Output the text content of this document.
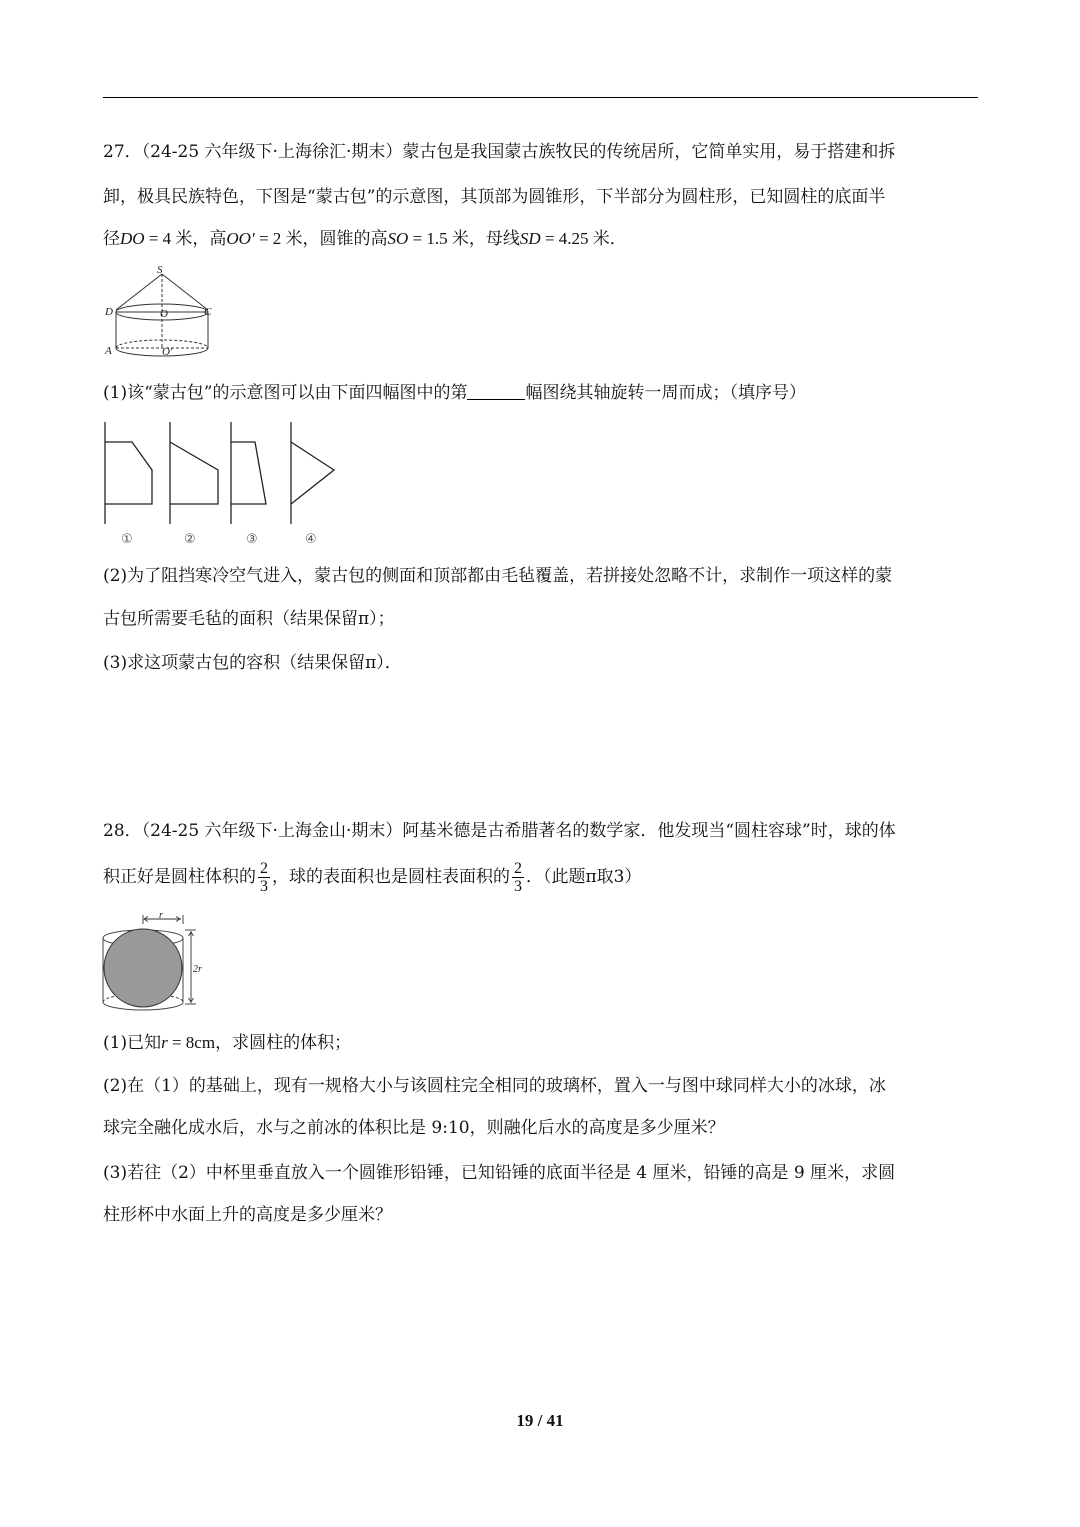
27．（24-25 六年级下·上海徐汇·期末）蒙古包是我国蒙古族牧民的传统居所，它简单实用，易于搭建和拆
卸，极具民族特色，下图是“蒙古包”的示意图，其顶部为圆锥形，下半部分为圆柱形，已知圆柱的底面半
径DO = 4 米，高OO′ = 2 米，圆锥的高SO = 1.5 米，母线SD = 4.25 米．
S
D	O	C
A	O′
(1)该“蒙古包”的示意图可以由下面四幅图中的第	幅图绕其轴旋转一周而成；（填序号）
①	②	③	④
(2)为了阻挡寒冷空气进入，蒙古包的侧面和顶部都由毛毡覆盖，若拼接处忽略不计，求制作一项这样的蒙
古包所需要毛毡的面积（结果保留π）；
(3)求这项蒙古包的容积（结果保留π）．
28．（24-25 六年级下·上海金山·期末）阿基米德是古希腊著名的数学家．他发现当“圆柱容球”时，球的体
积正好是圆柱体积的 $\frac{2}{3}$ ，球的表面积也是圆柱表面积的 $\frac{2}{3}$ ．（此题π取3）
r
2r
(1)已知r = 8cm，求圆柱的体积；
(2)在（1）的基础上，现有一规格大小与该圆柱完全相同的玻璃杯，置入一与图中球同样大小的冰球，冰
球完全融化成水后，水与之前冰的体积比是 9:10，则融化后水的高度是多少厘米？
(3)若往（2）中杯里垂直放入一个圆锥形铅锤，已知铅锤的底面半径是 4 厘米，铅锤的高是 9 厘米，求圆
柱形杯中水面上升的高度是多少厘米？
19 / 41
